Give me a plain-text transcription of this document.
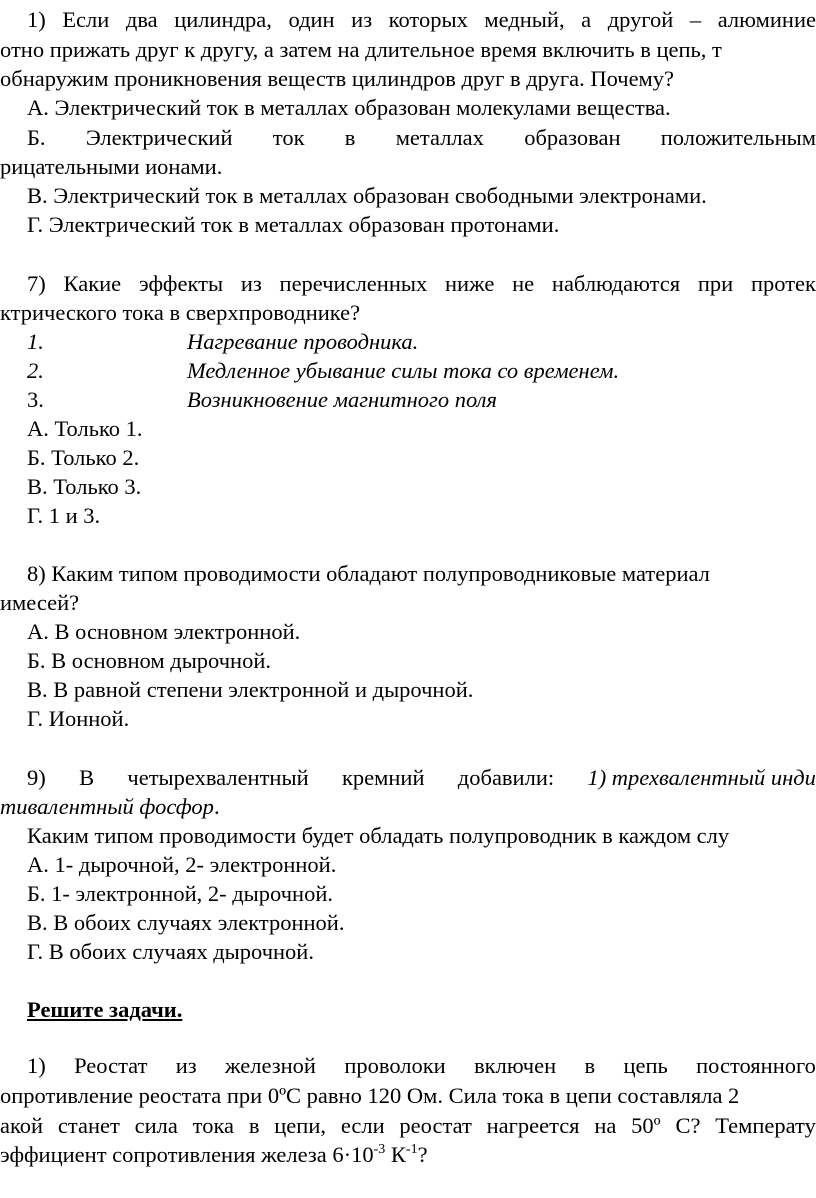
1) Если два цилиндра, один из которых медный, а другой – алюминие
отно прижать друг к другу, а затем на длительное время включить в цепь, т
обнаружим проникновения веществ цилиндров друг в друга. Почему?
А. Электрический ток в металлах образован молекулами вещества.
Б. Электрический ток в металлах образован положительным
рицательными ионами.
В. Электрический ток в металлах образован свободными электронами.
Г. Электрический ток в металлах образован протонами.
7) Какие эффекты из перечисленных ниже не наблюдаются при протек
ктрического тока в сверхпроводнике?
1.	Нагревание проводника.
2.	Медленное убывание силы тока со временем.
3.	Возникновение магнитного поля
А. Только 1.
Б. Только 2.
В. Только 3.
Г. 1 и 3.
8) Каким типом проводимости обладают полупроводниковые материал
имесей?
А. В основном электронной.
Б. В основном дырочной.
В. В равной степени электронной и дырочной.
Г. Ионной.
9) В четырехвалентный кремний добавили: 1) трехвалентный инди
тивалентный фосфор.
Каким типом проводимости будет обладать полупроводник в каждом слу
А. 1- дырочной, 2- электронной.
Б. 1- электронной, 2- дырочной.
В. В обоих случаях электронной.
Г. В обоих случаях дырочной.
Решите задачи.
1) Реостат из железной проволоки включен в цепь постоянного
опротивление реостата при 0ºС равно 120 Ом. Сила тока в цепи составляла 2
акой станет сила тока в цепи, если реостат нагреется на 50º С? Температу
эффициент сопротивления железа $6\cdot 10^{-3}$ $К^{-1}$?
